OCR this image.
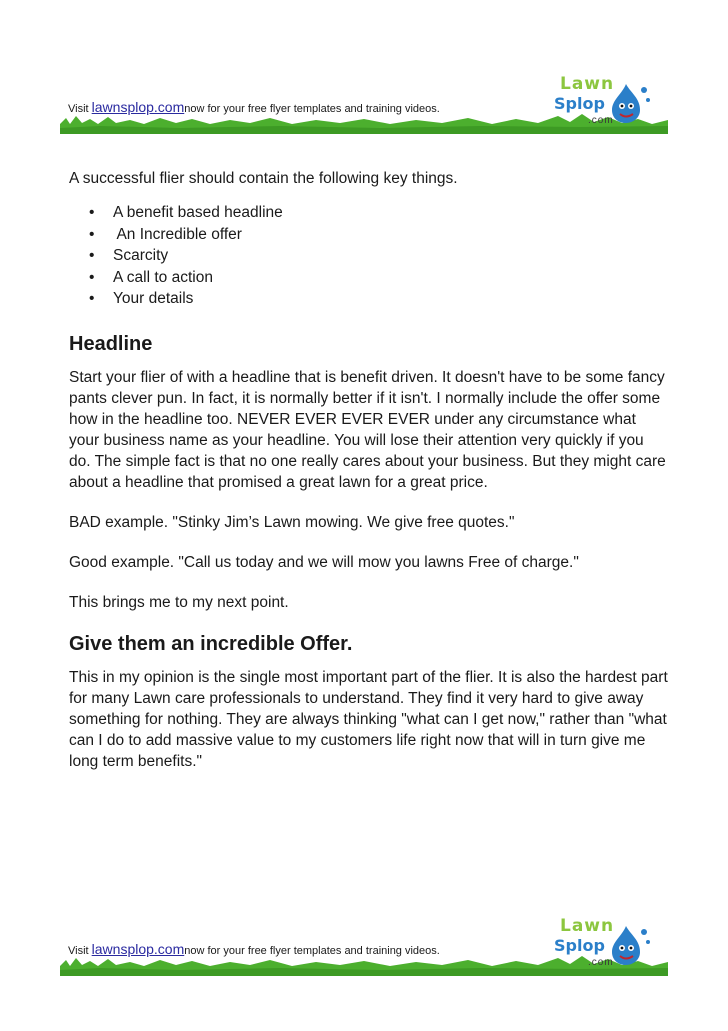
Visit lawnsplop.comnow for your free flyer templates and training videos.
Lawn
Splop
.com

A successful flier should contain the following key things.

• A benefit based headline
•  An Incredible offer
• Scarcity
• A call to action
• Your details
Headline

Start your flier of with a headline that is benefit driven. It doesn't have to be some fancy pants clever pun. In fact, it is normally better if it isn't. I normally include the offer some how in the headline too. NEVER EVER EVER EVER under any circumstance what your business name as your headline. You will lose their attention very quickly if you do. The simple fact is that no one really cares about your business. But they might care about a headline that promised a great lawn for a great price.

BAD example. "Stinky Jim’s Lawn mowing. We give free quotes."

Good example. "Call us today and we will mow you lawns Free of charge."

This brings me to my next point.

Give them an incredible Offer.

This in my opinion is the single most important part of the flier. It is also the hardest part for many Lawn care professionals to understand. They find it very hard to give away something for nothing. They are always thinking "what can I get now," rather than "what can I do to add massive value to my customers life right now that will in turn give me long term benefits."

Visit lawnsplop.comnow for your free flyer templates and training videos.
Lawn
Splop
.com
